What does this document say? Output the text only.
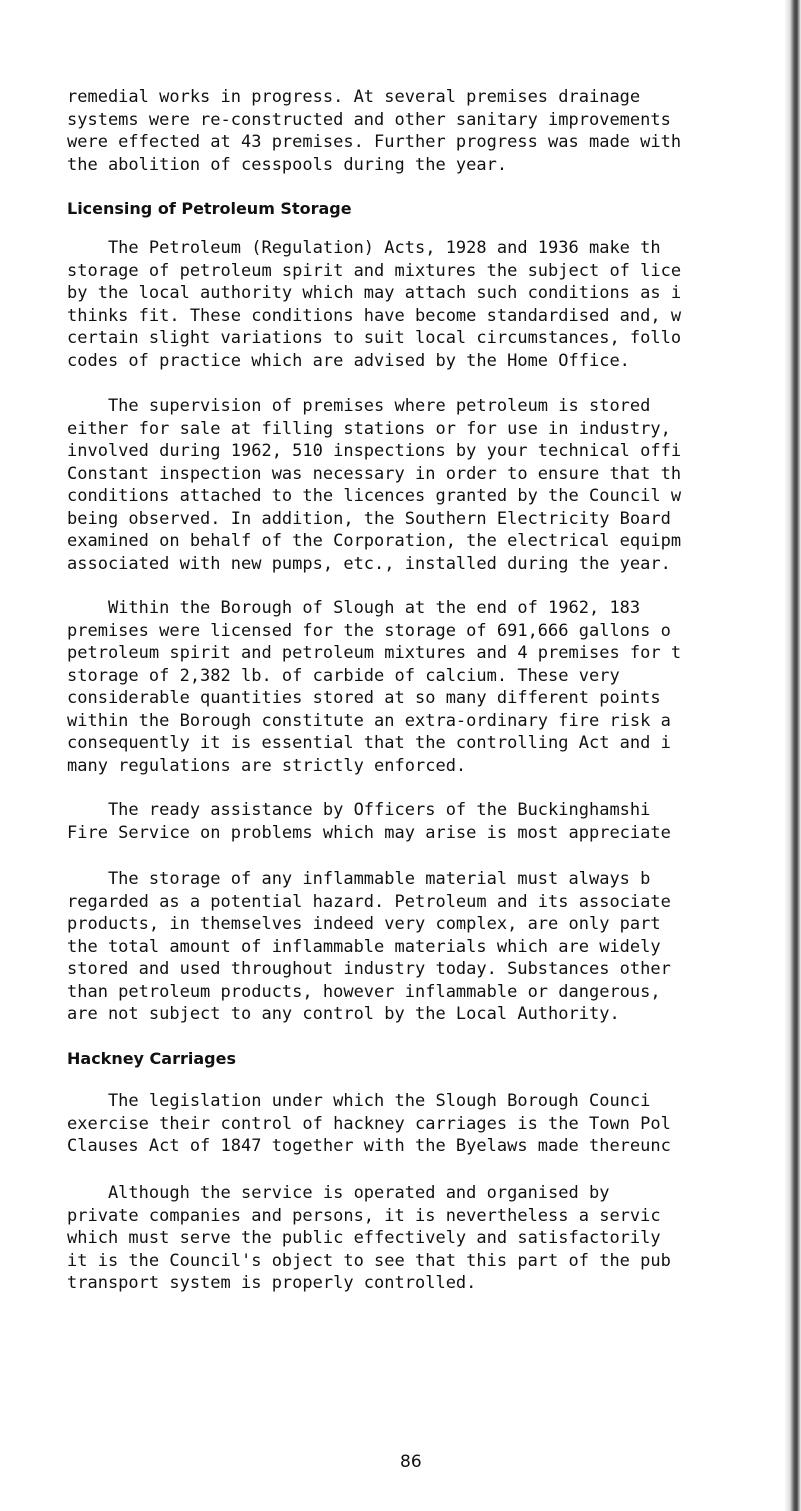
remedial works in progress. At several premises drainage
systems were re-constructed and other sanitary improvements
were effected at 43 premises. Further progress was made with
the abolition of cesspools during the year.

Licensing of Petroleum Storage

The Petroleum (Regulation) Acts, 1928 and 1936 make th
storage of petroleum spirit and mixtures the subject of lice
by the local authority which may attach such conditions as i
thinks fit. These conditions have become standardised and, w
certain slight variations to suit local circumstances, follo
codes of practice which are advised by the Home Office.

The supervision of premises where petroleum is stored
either for sale at filling stations or for use in industry,
involved during 1962, 510 inspections by your technical offi
Constant inspection was necessary in order to ensure that th
conditions attached to the licences granted by the Council w
being observed. In addition, the Southern Electricity Board
examined on behalf of the Corporation, the electrical equipm
associated with new pumps, etc., installed during the year.

Within the Borough of Slough at the end of 1962, 183
premises were licensed for the storage of 691,666 gallons o
petroleum spirit and petroleum mixtures and 4 premises for t
storage of 2,382 lb. of carbide of calcium. These very
considerable quantities stored at so many different points
within the Borough constitute an extra-ordinary fire risk a
consequently it is essential that the controlling Act and i
many regulations are strictly enforced.

The ready assistance by Officers of the Buckinghamshi
Fire Service on problems which may arise is most appreciate

The storage of any inflammable material must always b
regarded as a potential hazard. Petroleum and its associate
products, in themselves indeed very complex, are only part
the total amount of inflammable materials which are widely
stored and used throughout industry today. Substances other
than petroleum products, however inflammable or dangerous,
are not subject to any control by the Local Authority.

Hackney Carriages

The legislation under which the Slough Borough Counci
exercise their control of hackney carriages is the Town Pol
Clauses Act of 1847 together with the Byelaws made thereunc

Although the service is operated and organised by
private companies and persons, it is nevertheless a servic
which must serve the public effectively and satisfactorily
it is the Council's object to see that this part of the pub
transport system is properly controlled.

86
